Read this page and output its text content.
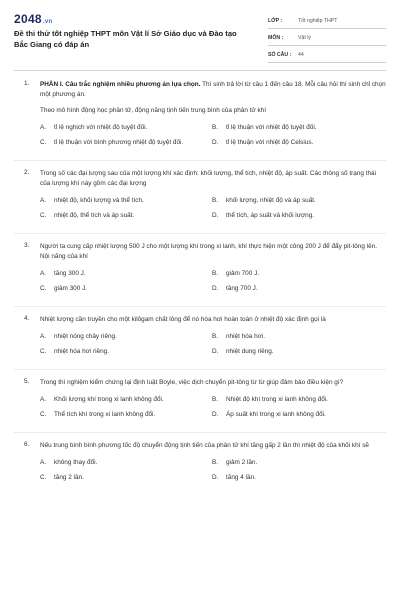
2048.vn
Đề thi thử tốt nghiệp THPT môn Vật lí Sở Giáo dục và Đào tạo Bắc Giang có đáp án
LỚP :	Tốt nghiệp THPT
MÔN :	Vật lý
SỐ CÂU :	44
1.	PHẦN I. Câu trắc nghiệm nhiều phương án lựa chọn. Thí sinh trả lời từ câu 1 đến câu 18. Mỗi câu hỏi thí sinh chỉ chọn một phương án.
Theo mô hình động học phân tử, động năng tịnh tiến trung bình của phân tử khí
A.	tỉ lệ nghịch với nhiệt độ tuyệt đối.	B.	tỉ lệ thuận với nhiệt độ tuyệt đối.
C.	tỉ lệ thuận với bình phương nhiệt độ tuyệt đối.	D.	tỉ lệ thuận với nhiệt độ Celsius.
2.	Trong số các đại lượng sau của một lượng khí xác định: khối lượng, thể tích, nhiệt độ, áp suất. Các thông số trạng thái của lượng khí này gồm các đại lượng
A.	nhiệt độ, khối lượng và thể tích.	B.	khối lượng, nhiệt độ và áp suất.
C.	nhiệt độ, thể tích và áp suất.	D.	thể tích, áp suất và khối lượng.
3.	Người ta cung cấp nhiệt lượng 500 J cho một lượng khí trong xi lanh, khí thực hiện một công 200 J để đẩy pit-tông lên. Nội năng của khí
A.	tăng 300 J.	B.	giảm 700 J.
C.	giảm 300 J.	D.	tăng 700 J.
4.	Nhiệt lượng cần truyền cho một kilôgam chất lỏng để nó hóa hơi hoàn toàn ở nhiệt độ xác định gọi là
A.	nhiệt nóng chảy riêng.	B.	nhiệt hóa hơi.
C.	nhiệt hóa hơi riêng.	D.	nhiệt dung riêng.
5.	Trong thí nghiệm kiểm chứng lại định luật Boyle, việc dịch chuyển pit-tông từ từ giúp đảm bảo điều kiện gì?
A.	Khối lượng khí trong xi lanh không đổi.	B.	Nhiệt độ khí trong xi lanh không đổi.
C.	Thể tích khí trong xi lanh không đổi.	D.	Áp suất khí trong xi lanh không đổi.
6.	Nếu trung bình bình phương tốc độ chuyển động tịnh tiến của phân tử khí tăng gấp 2 lần thì nhiệt độ của khối khí sẽ
A.	không thay đổi.	B.	giảm 2 lần.
C.	tăng 2 lần.	D.	tăng 4 lần.
